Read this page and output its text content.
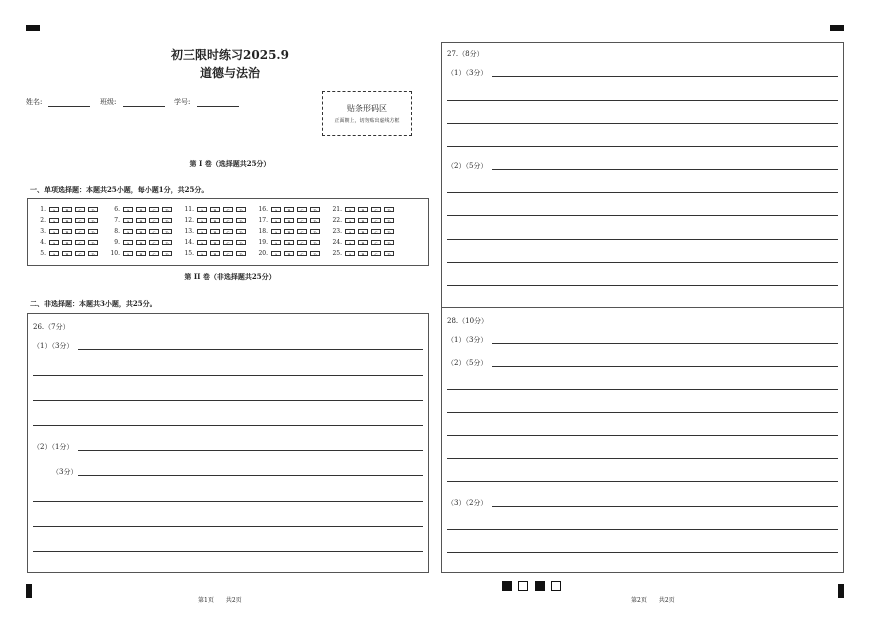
初三限时练习2025.9
道德与法治
姓名:	班级:	学号:
贴条形码区
正面朝上，切勿贴出虚线方框
第 I 卷（选择题共25分）
一、单项选择题：本题共25小题，每小题1分，共25分。
1. A	B	C D
2. A	B	C D
3. A	B	C D
4. A	B	C D
5. A	B	C D
6. A	B	C D
7. A	B	C D
8. A	B	C D
9. A	B	C D
10. A	B	C D
11. A	B	C D
12. A	B	C D
13. A	B	C D
14. A	B	C D
15. A	B	C D
16. A	B	C D
17. A	B	C D
18. A	B	C D
19. A	B	C D
20. A	B	C D
21. A	B	C D
22. A	B	C D
23. A	B	C D
24. A	B	C D
25. A	B	C D
第 II 卷（非选择题共25分）
二、非选择题：本题共3小题，共25分。
26.（7分）
（1）（3分）
（2）（1分）
（3分）
27.（8分）
（1）（3分）
（2）（5分）
28.（10分）
（1）（3分）
（2）（5分）
（3）（2分）
第1页　　共2页	第2页　　共2页
